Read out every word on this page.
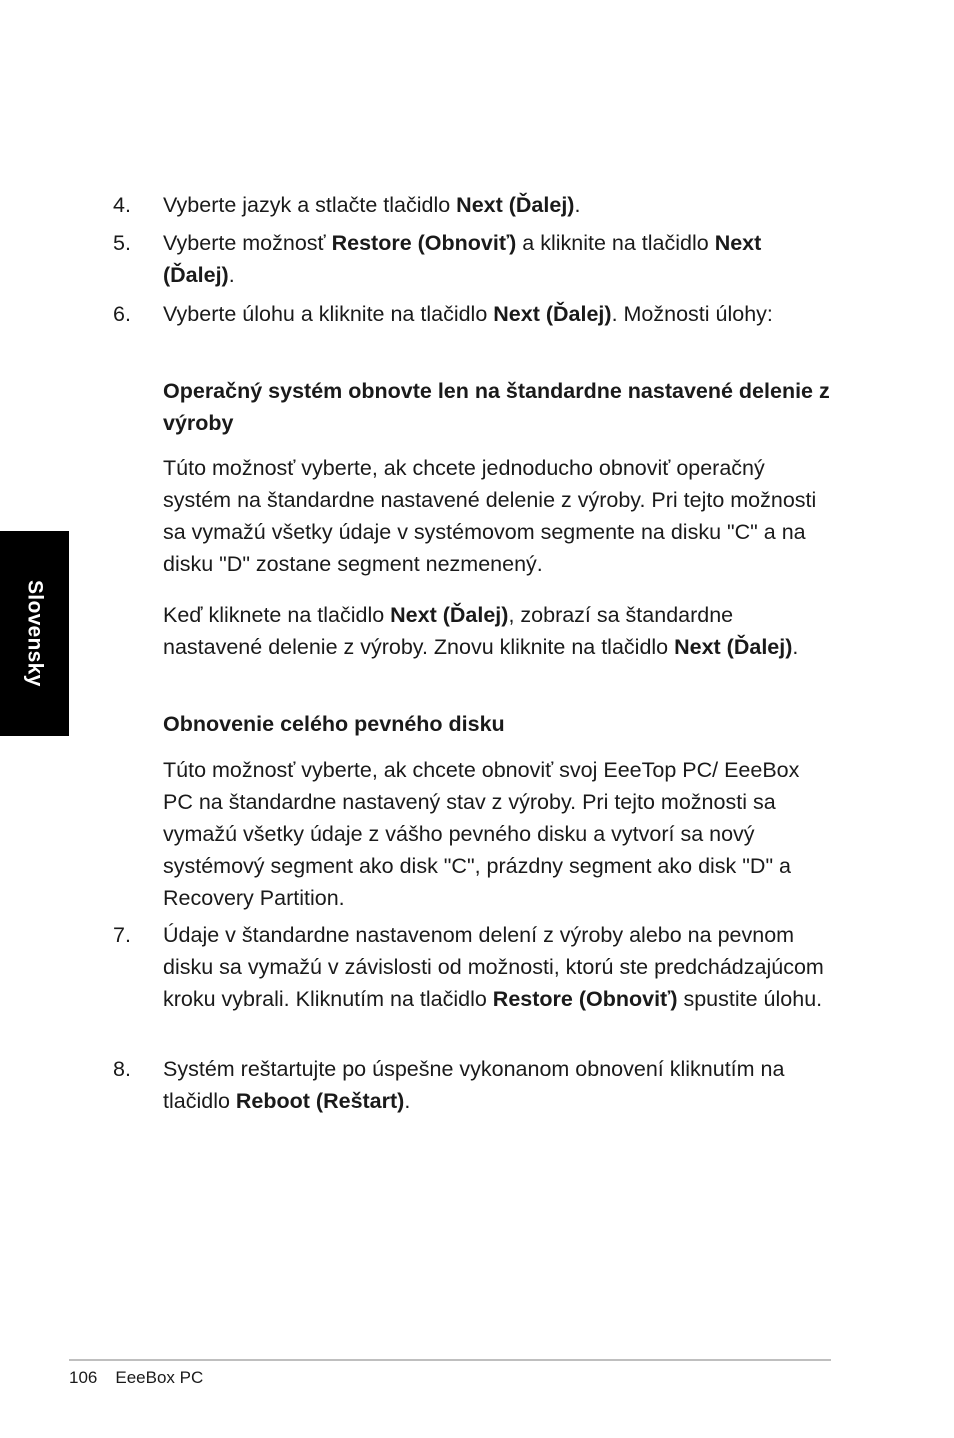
Slovensky
4.	Vyberte jazyk a stlačte tlačidlo Next (Ďalej).
5.	Vyberte možnosť Restore (Obnoviť) a kliknite na tlačidlo Next (Ďalej).
6.	Vyberte úlohu a kliknite na tlačidlo Next (Ďalej). Možnosti úlohy:
Operačný systém obnovte len na štandardne nastavené delenie z výroby
Túto možnosť vyberte, ak chcete jednoducho obnoviť operačný systém na štandardne nastavené delenie z výroby. Pri tejto možnosti sa vymažú všetky údaje v systémovom segmente na disku "C" a na disku "D" zostane segment nezmenený.
Keď kliknete na tlačidlo Next (Ďalej), zobrazí sa štandardne nastavené delenie z výroby. Znovu kliknite na tlačidlo Next (Ďalej).
Obnovenie celého pevného disku
Túto možnosť vyberte, ak chcete obnoviť svoj EeeTop PC/ EeeBox PC na štandardne nastavený stav z výroby. Pri tejto možnosti sa vymažú všetky údaje z vášho pevného disku a vytvorí sa nový systémový segment ako disk "C", prázdny segment ako disk "D" a Recovery Partition.
7.	Údaje v štandardne nastavenom delení z výroby alebo na pevnom disku sa vymažú v závislosti od možnosti, ktorú ste predchádzajúcom kroku vybrali. Kliknutím na tlačidlo Restore (Obnoviť) spustite úlohu.
8.	Systém reštartujte po úspešne vykonanom obnovení kliknutím na tlačidlo Reboot (Reštart).
106 EeeBox PC
